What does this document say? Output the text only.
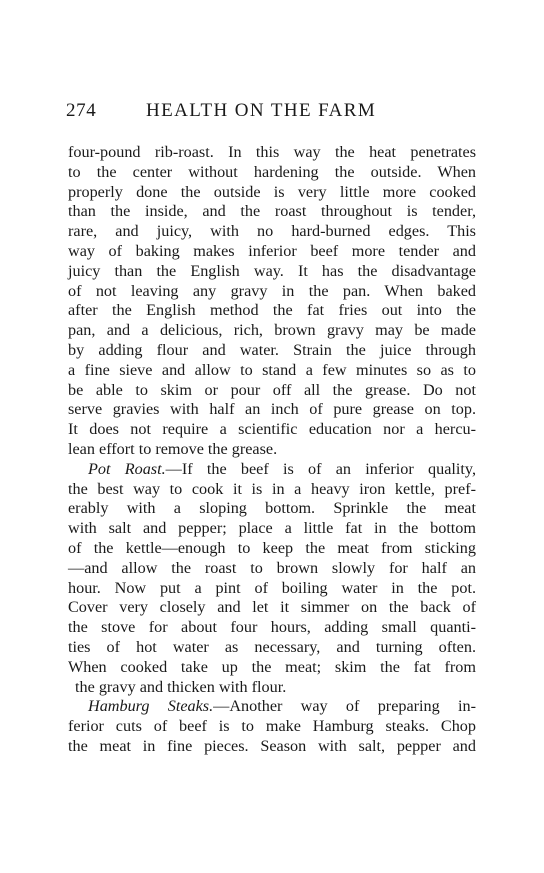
274	HEALTH ON THE FARM
four-pound rib-roast. In this way the heat penetrates
to the center without hardening the outside. When
properly done the outside is very little more cooked
than the inside, and the roast throughout is tender,
rare, and juicy, with no hard-burned edges. This
way of baking makes inferior beef more tender and
juicy than the English way. It has the disadvantage
of not leaving any gravy in the pan. When baked
after the English method the fat fries out into the
pan, and a delicious, rich, brown gravy may be made
by adding flour and water. Strain the juice through
a fine sieve and allow to stand a few minutes so as to
be able to skim or pour off all the grease. Do not
serve gravies with half an inch of pure grease on top.
It does not require a scientific education nor a hercu-
lean effort to remove the grease.
Pot Roast.—If the beef is of an inferior quality,
the best way to cook it is in a heavy iron kettle, pref-
erably with a sloping bottom. Sprinkle the meat
with salt and pepper; place a little fat in the bottom
of the kettle—enough to keep the meat from sticking
—and allow the roast to brown slowly for half an
hour. Now put a pint of boiling water in the pot.
Cover very closely and let it simmer on the back of
the stove for about four hours, adding small quanti-
ties of hot water as necessary, and turning often.
When cooked take up the meat; skim the fat from
the gravy and thicken with flour.
Hamburg Steaks.—Another way of preparing in-
ferior cuts of beef is to make Hamburg steaks. Chop
the meat in fine pieces. Season with salt, pepper and
